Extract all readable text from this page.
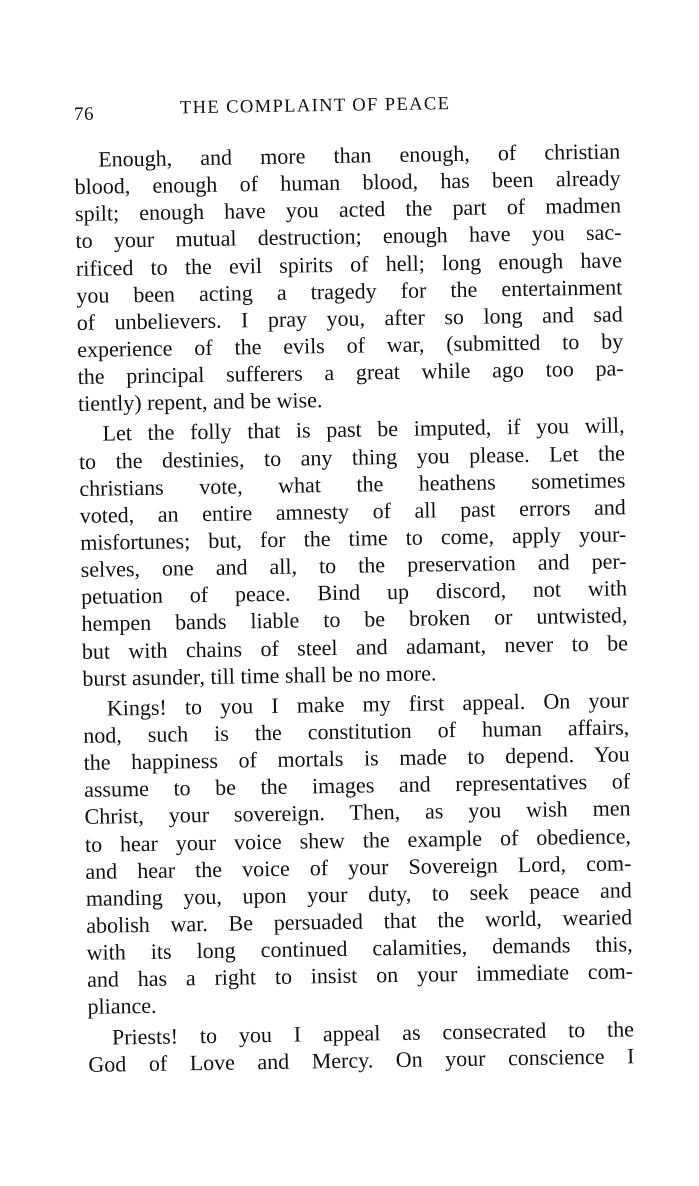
76	THE COMPLAINT OF PEACE
Enough, and more than enough, of christian
blood, enough of human blood, has been already
spilt; enough have you acted the part of madmen
to your mutual destruction; enough have you sac-
rificed to the evil spirits of hell; long enough have
you been acting a tragedy for the entertainment
of unbelievers. I pray you, after so long and sad
experience of the evils of war, (submitted to by
the principal sufferers a great while ago too pa-
tiently) repent, and be wise.
Let the folly that is past be imputed, if you will,
to the destinies, to any thing you please. Let the
christians vote, what the heathens sometimes
voted, an entire amnesty of all past errors and
misfortunes; but, for the time to come, apply your-
selves, one and all, to the preservation and per-
petuation of peace. Bind up discord, not with
hempen bands liable to be broken or untwisted,
but with chains of steel and adamant, never to be
burst asunder, till time shall be no more.
Kings! to you I make my first appeal. On your
nod, such is the constitution of human affairs,
the happiness of mortals is made to depend. You
assume to be the images and representatives of
Christ, your sovereign. Then, as you wish men
to hear your voice shew the example of obedience,
and hear the voice of your Sovereign Lord, com-
manding you, upon your duty, to seek peace and
abolish war. Be persuaded that the world, wearied
with its long continued calamities, demands this,
and has a right to insist on your immediate com-
pliance.
Priests! to you I appeal as consecrated to the
God of Love and Mercy. On your conscience I
